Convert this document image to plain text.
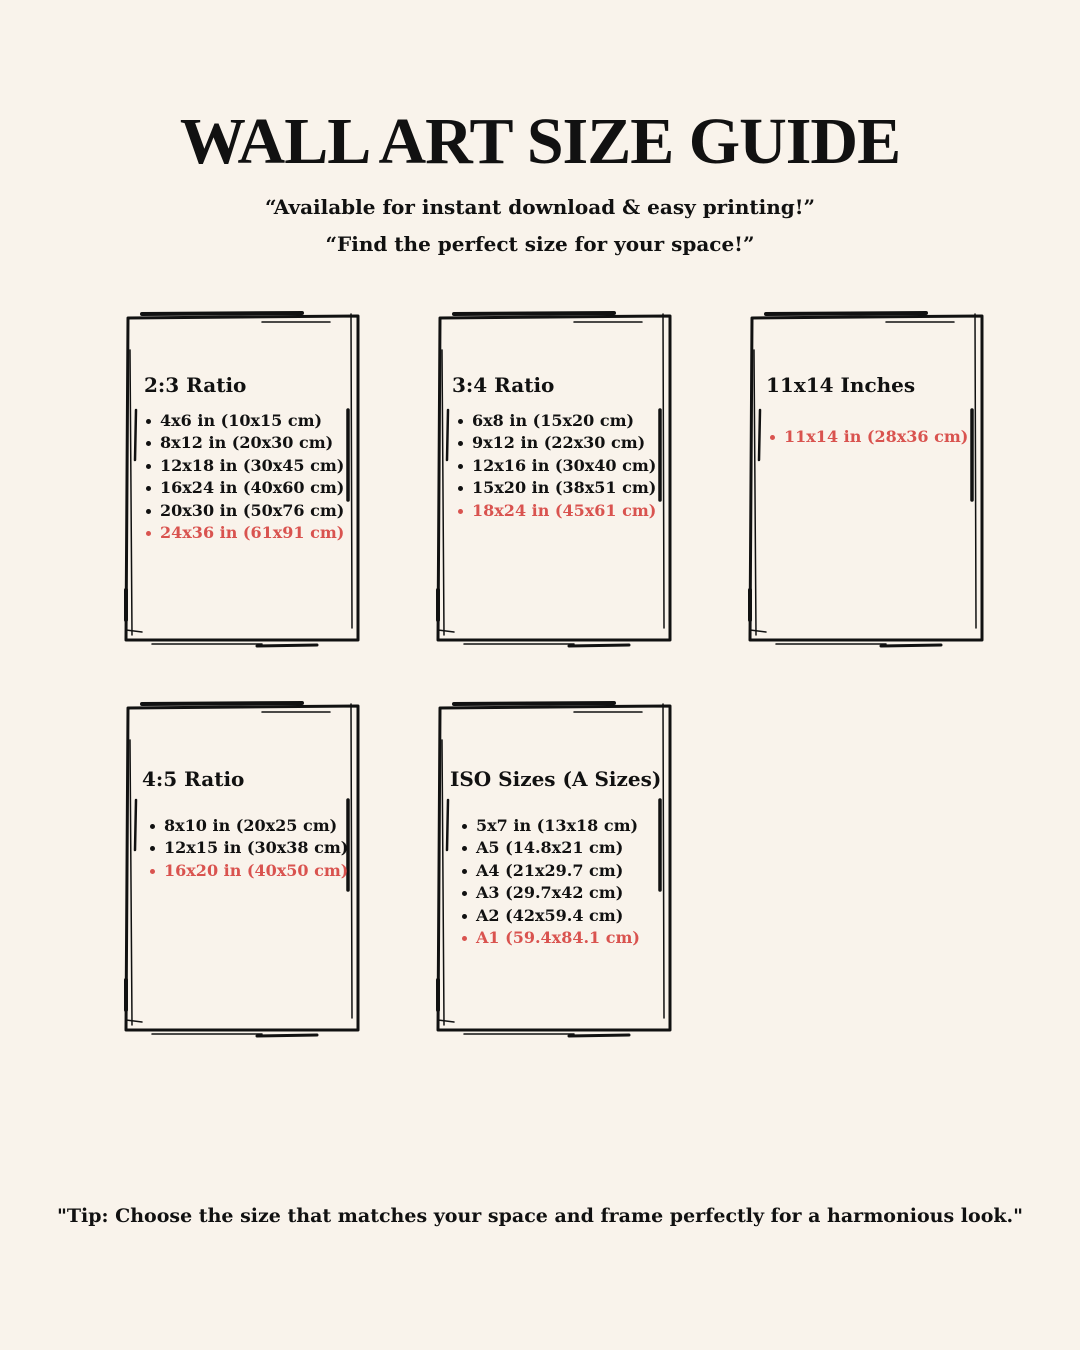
WALL ART SIZE GUIDE
“Available for instant download & easy printing!”
“Find the perfect size for your space!”
2:3 Ratio
4x6 in (10x15 cm)
8x12 in (20x30 cm)
12x18 in (30x45 cm)
16x24 in (40x60 cm)
20x30 in (50x76 cm)
24x36 in (61x91 cm)
3:4 Ratio
6x8 in (15x20 cm)
9x12 in (22x30 cm)
12x16 in (30x40 cm)
15x20 in (38x51 cm)
18x24 in (45x61 cm)
11x14 Inches
11x14 in (28x36 cm)
4:5 Ratio
8x10 in (20x25 cm)
12x15 in (30x38 cm)
16x20 in (40x50 cm)
ISO Sizes (A Sizes)
5x7 in (13x18 cm)
A5 (14.8x21 cm)
A4 (21x29.7 cm)
A3 (29.7x42 cm)
A2 (42x59.4 cm)
A1 (59.4x84.1 cm)
"Tip: Choose the size that matches your space and frame perfectly for a harmonious look."
